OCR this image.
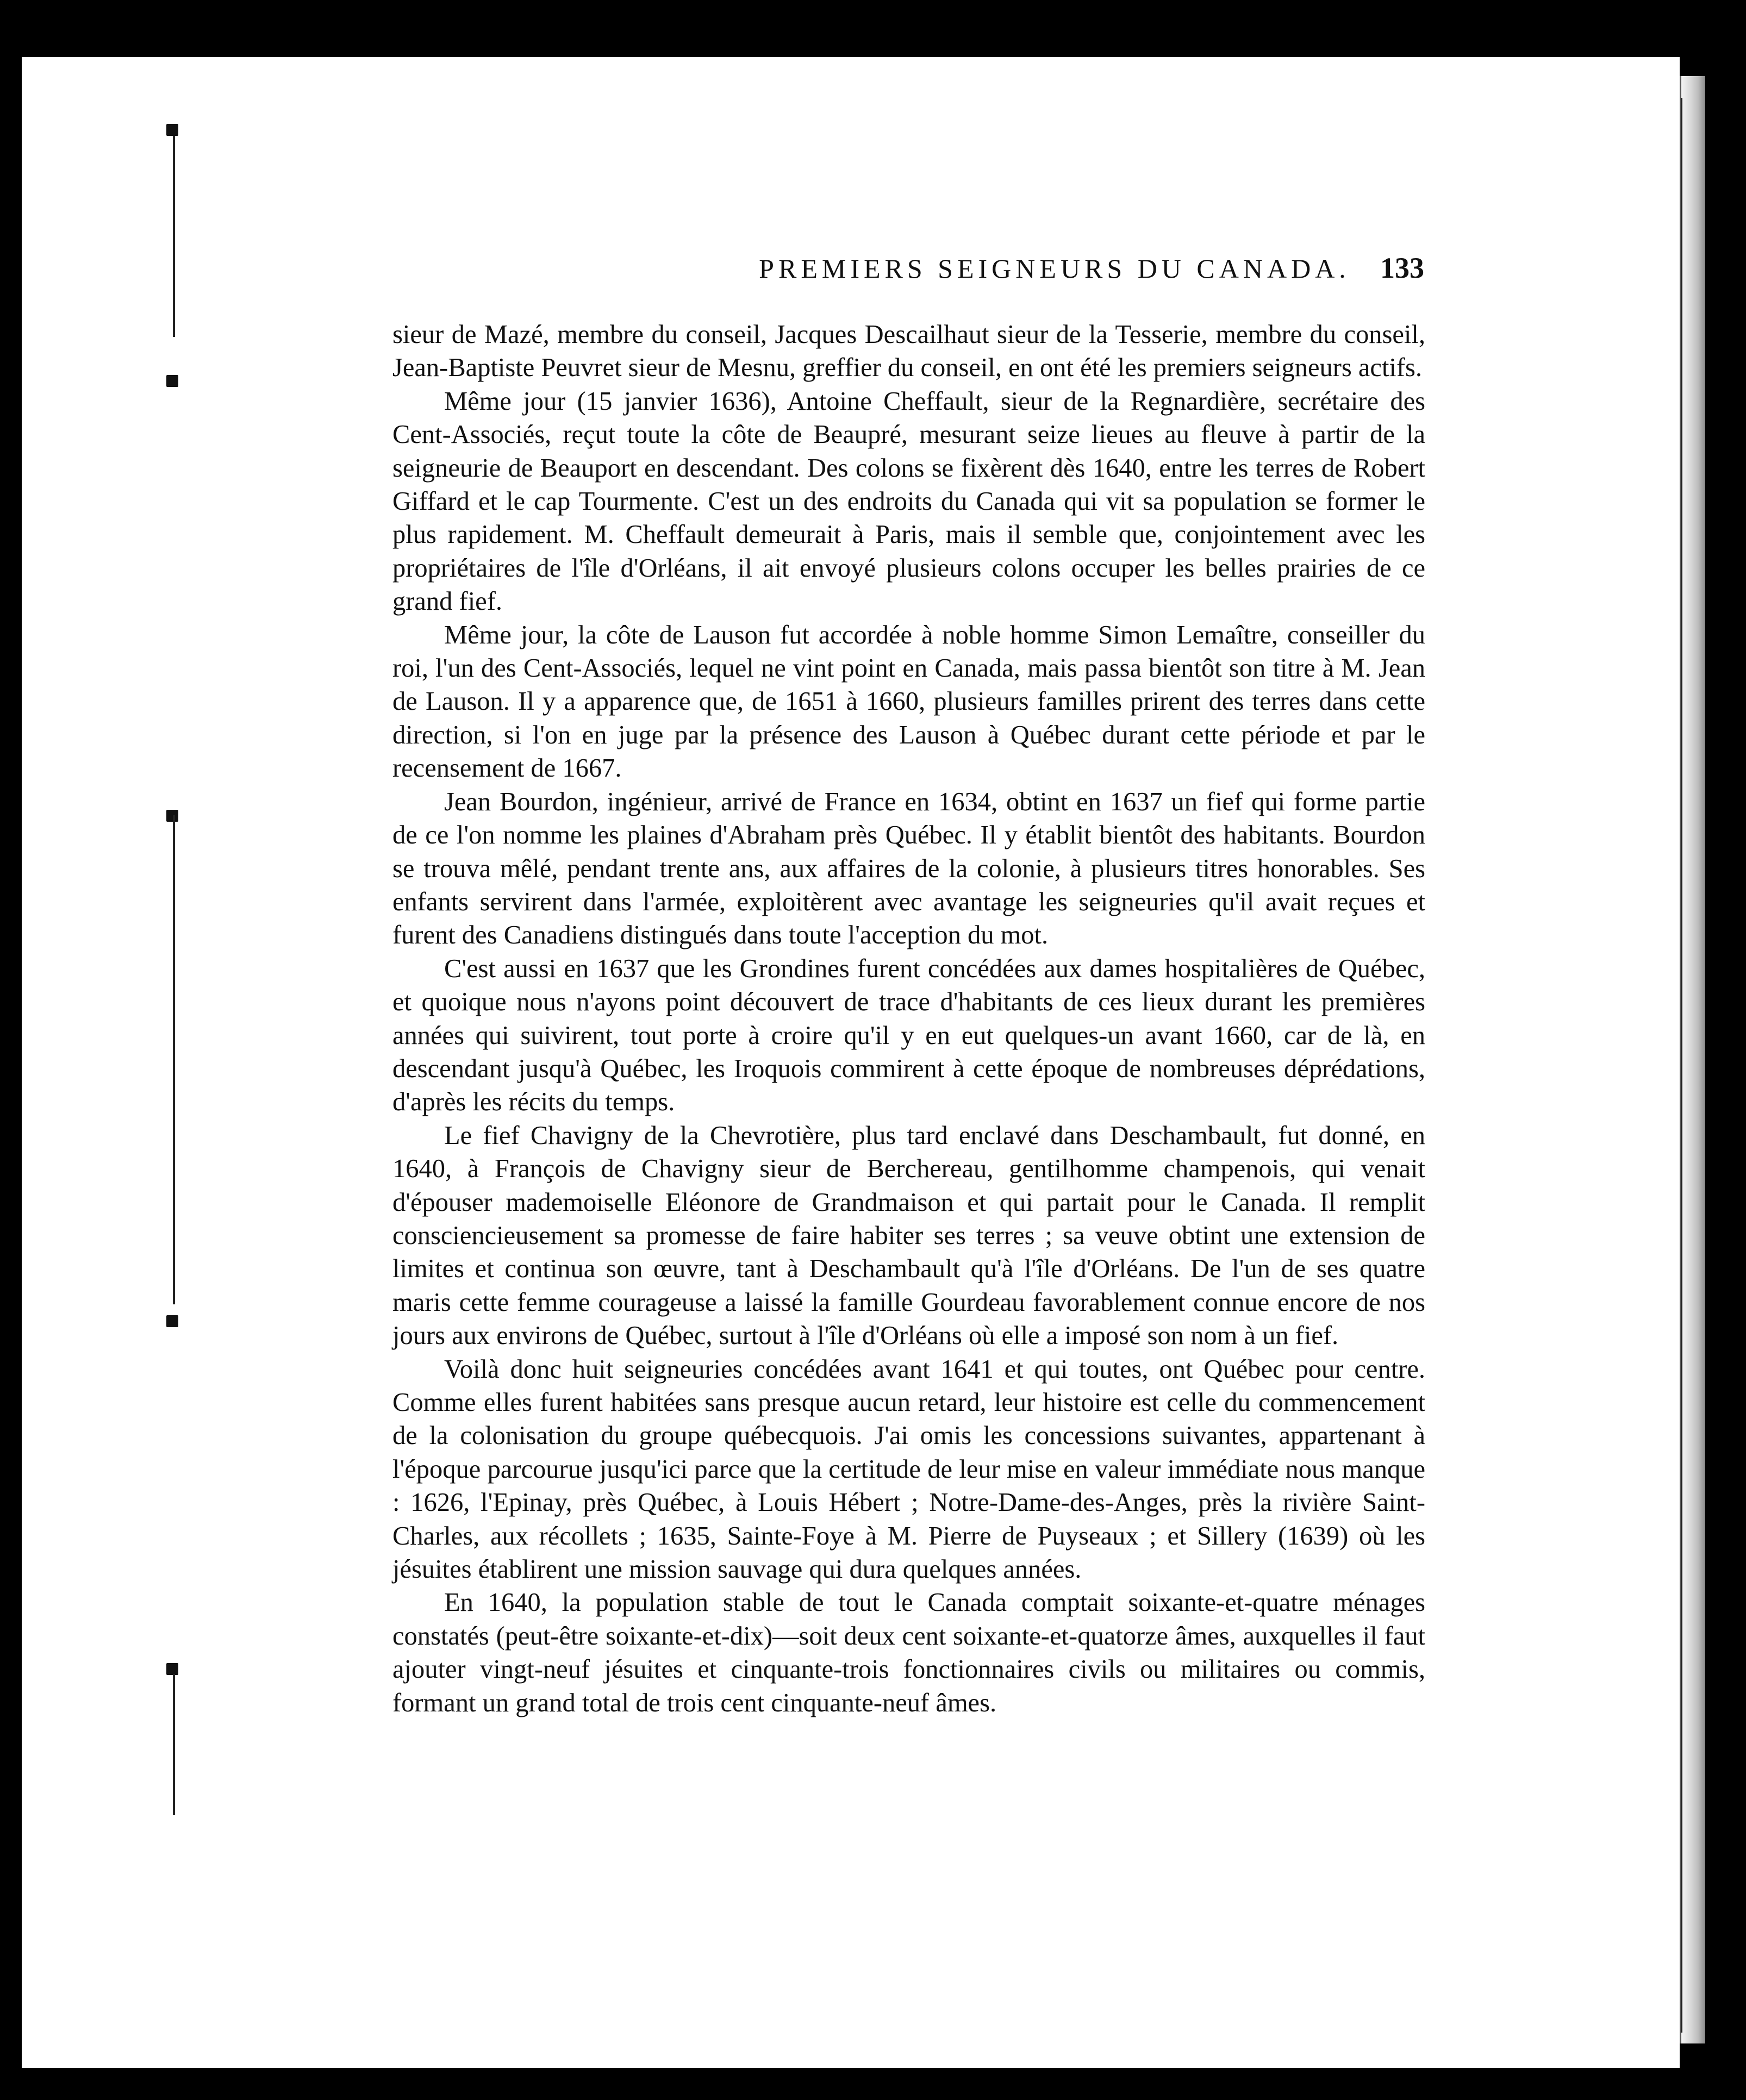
PREMIERS SEIGNEURS DU CANADA.	133

sieur de Mazé, membre du conseil, Jacques Descailhaut sieur de la Tesserie, membre du conseil, Jean-Baptiste Peuvret sieur de Mesnu, greffier du conseil, en ont été les premiers seigneurs actifs.

Même jour (15 janvier 1636), Antoine Cheffault, sieur de la Regnardière, secrétaire des Cent-Associés, reçut toute la côte de Beaupré, mesurant seize lieues au fleuve à partir de la seigneurie de Beauport en descendant. Des colons se fixèrent dès 1640, entre les terres de Robert Giffard et le cap Tourmente. C'est un des endroits du Canada qui vit sa population se former le plus rapidement. M. Cheffault demeurait à Paris, mais il semble que, conjointement avec les propriétaires de l'île d'Orléans, il ait envoyé plusieurs colons occuper les belles prairies de ce grand fief.

Même jour, la côte de Lauson fut accordée à noble homme Simon Lemaître, conseiller du roi, l'un des Cent-Associés, lequel ne vint point en Canada, mais passa bientôt son titre à M. Jean de Lauson. Il y a apparence que, de 1651 à 1660, plusieurs familles prirent des terres dans cette direction, si l'on en juge par la présence des Lauson à Québec durant cette période et par le recensement de 1667.

Jean Bourdon, ingénieur, arrivé de France en 1634, obtint en 1637 un fief qui forme partie de ce l'on nomme les plaines d'Abraham près Québec. Il y établit bientôt des habitants. Bourdon se trouva mêlé, pendant trente ans, aux affaires de la colonie, à plusieurs titres honorables. Ses enfants servirent dans l'armée, exploitèrent avec avantage les seigneuries qu'il avait reçues et furent des Canadiens distingués dans toute l'acception du mot.

C'est aussi en 1637 que les Grondines furent concédées aux dames hospitalières de Québec, et quoique nous n'ayons point découvert de trace d'habitants de ces lieux durant les premières années qui suivirent, tout porte à croire qu'il y en eut quelques-un avant 1660, car de là, en descendant jusqu'à Québec, les Iroquois commirent à cette époque de nombreuses déprédations, d'après les récits du temps.

Le fief Chavigny de la Chevrotière, plus tard enclavé dans Deschambault, fut donné, en 1640, à François de Chavigny sieur de Berchereau, gentilhomme champenois, qui venait d'épouser mademoiselle Eléonore de Grandmaison et qui partait pour le Canada. Il remplit consciencieusement sa promesse de faire habiter ses terres ; sa veuve obtint une extension de limites et continua son œuvre, tant à Deschambault qu'à l'île d'Orléans. De l'un de ses quatre maris cette femme courageuse a laissé la famille Gourdeau favorablement connue encore de nos jours aux environs de Québec, surtout à l'île d'Orléans où elle a imposé son nom à un fief.

Voilà donc huit seigneuries concédées avant 1641 et qui toutes, ont Québec pour centre. Comme elles furent habitées sans presque aucun retard, leur histoire est celle du commencement de la colonisation du groupe québecquois. J'ai omis les concessions suivantes, appartenant à l'époque parcourue jusqu'ici parce que la certitude de leur mise en valeur immédiate nous manque : 1626, l'Epinay, près Québec, à Louis Hébert ; Notre-Dame-des-Anges, près la rivière Saint-Charles, aux récollets ; 1635, Sainte-Foye à M. Pierre de Puyseaux ; et Sillery (1639) où les jésuites établirent une mission sauvage qui dura quelques années.

En 1640, la population stable de tout le Canada comptait soixante-et-quatre ménages constatés (peut-être soixante-et-dix)—soit deux cent soixante-et-quatorze âmes, auxquelles il faut ajouter vingt-neuf jésuites et cinquante-trois fonctionnaires civils ou militaires ou commis, formant un grand total de trois cent cinquante-neuf âmes.
